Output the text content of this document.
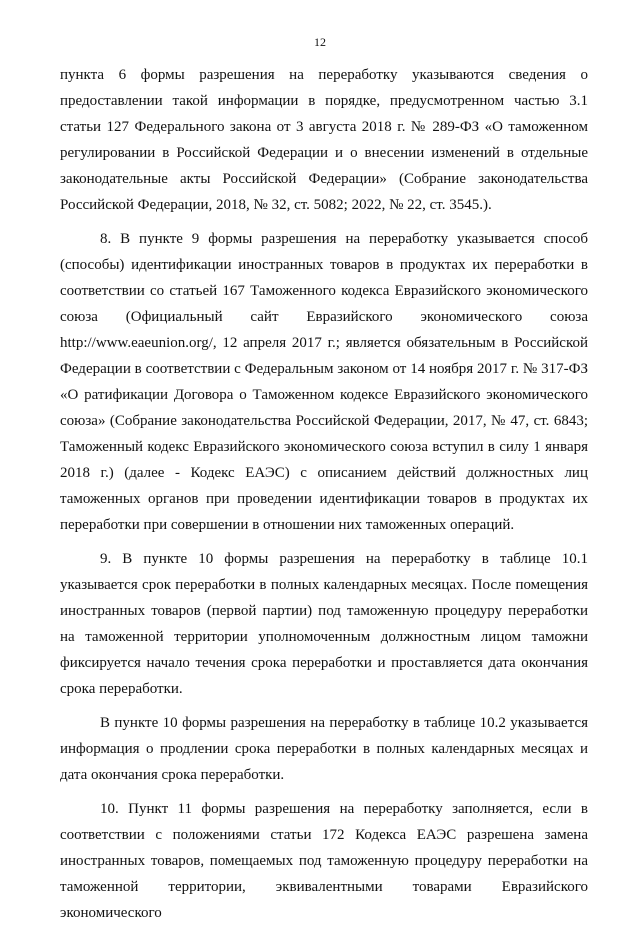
12

пункта 6 формы разрешения на переработку указываются сведения о предоставлении такой информации в порядке, предусмотренном частью 3.1 статьи 127 Федерального закона от 3 августа 2018 г. № 289-ФЗ «О таможенном регулировании в Российской Федерации и о внесении изменений в отдельные законодательные акты Российской Федерации» (Собрание законодательства Российской Федерации, 2018, № 32, ст. 5082; 2022, № 22, ст. 3545.).

8. В пункте 9 формы разрешения на переработку указывается способ (способы) идентификации иностранных товаров в продуктах их переработки в соответствии со статьей 167 Таможенного кодекса Евразийского экономического союза (Официальный сайт Евразийского экономического союза http://www.eaeunion.org/, 12 апреля 2017 г.; является обязательным в Российской Федерации в соответствии с Федеральным законом от 14 ноября 2017 г. № 317-ФЗ «О ратификации Договора о Таможенном кодексе Евразийского экономического союза» (Собрание законодательства Российской Федерации, 2017, № 47, ст. 6843; Таможенный кодекс Евразийского экономического союза вступил в силу 1 января 2018 г.) (далее - Кодекс ЕАЭС) с описанием действий должностных лиц таможенных органов при проведении идентификации товаров в продуктах их переработки при совершении в отношении них таможенных операций.

9. В пункте 10 формы разрешения на переработку в таблице 10.1 указывается срок переработки в полных календарных месяцах. После помещения иностранных товаров (первой партии) под таможенную процедуру переработки на таможенной территории уполномоченным должностным лицом таможни фиксируется начало течения срока переработки и проставляется дата окончания срока переработки.

В пункте 10 формы разрешения на переработку в таблице 10.2 указывается информация о продлении срока переработки в полных календарных месяцах и дата окончания срока переработки.

10. Пункт 11 формы разрешения на переработку заполняется, если в соответствии с положениями статьи 172 Кодекса ЕАЭС разрешена замена иностранных товаров, помещаемых под таможенную процедуру переработки на таможенной территории, эквивалентными товарами Евразийского экономического
